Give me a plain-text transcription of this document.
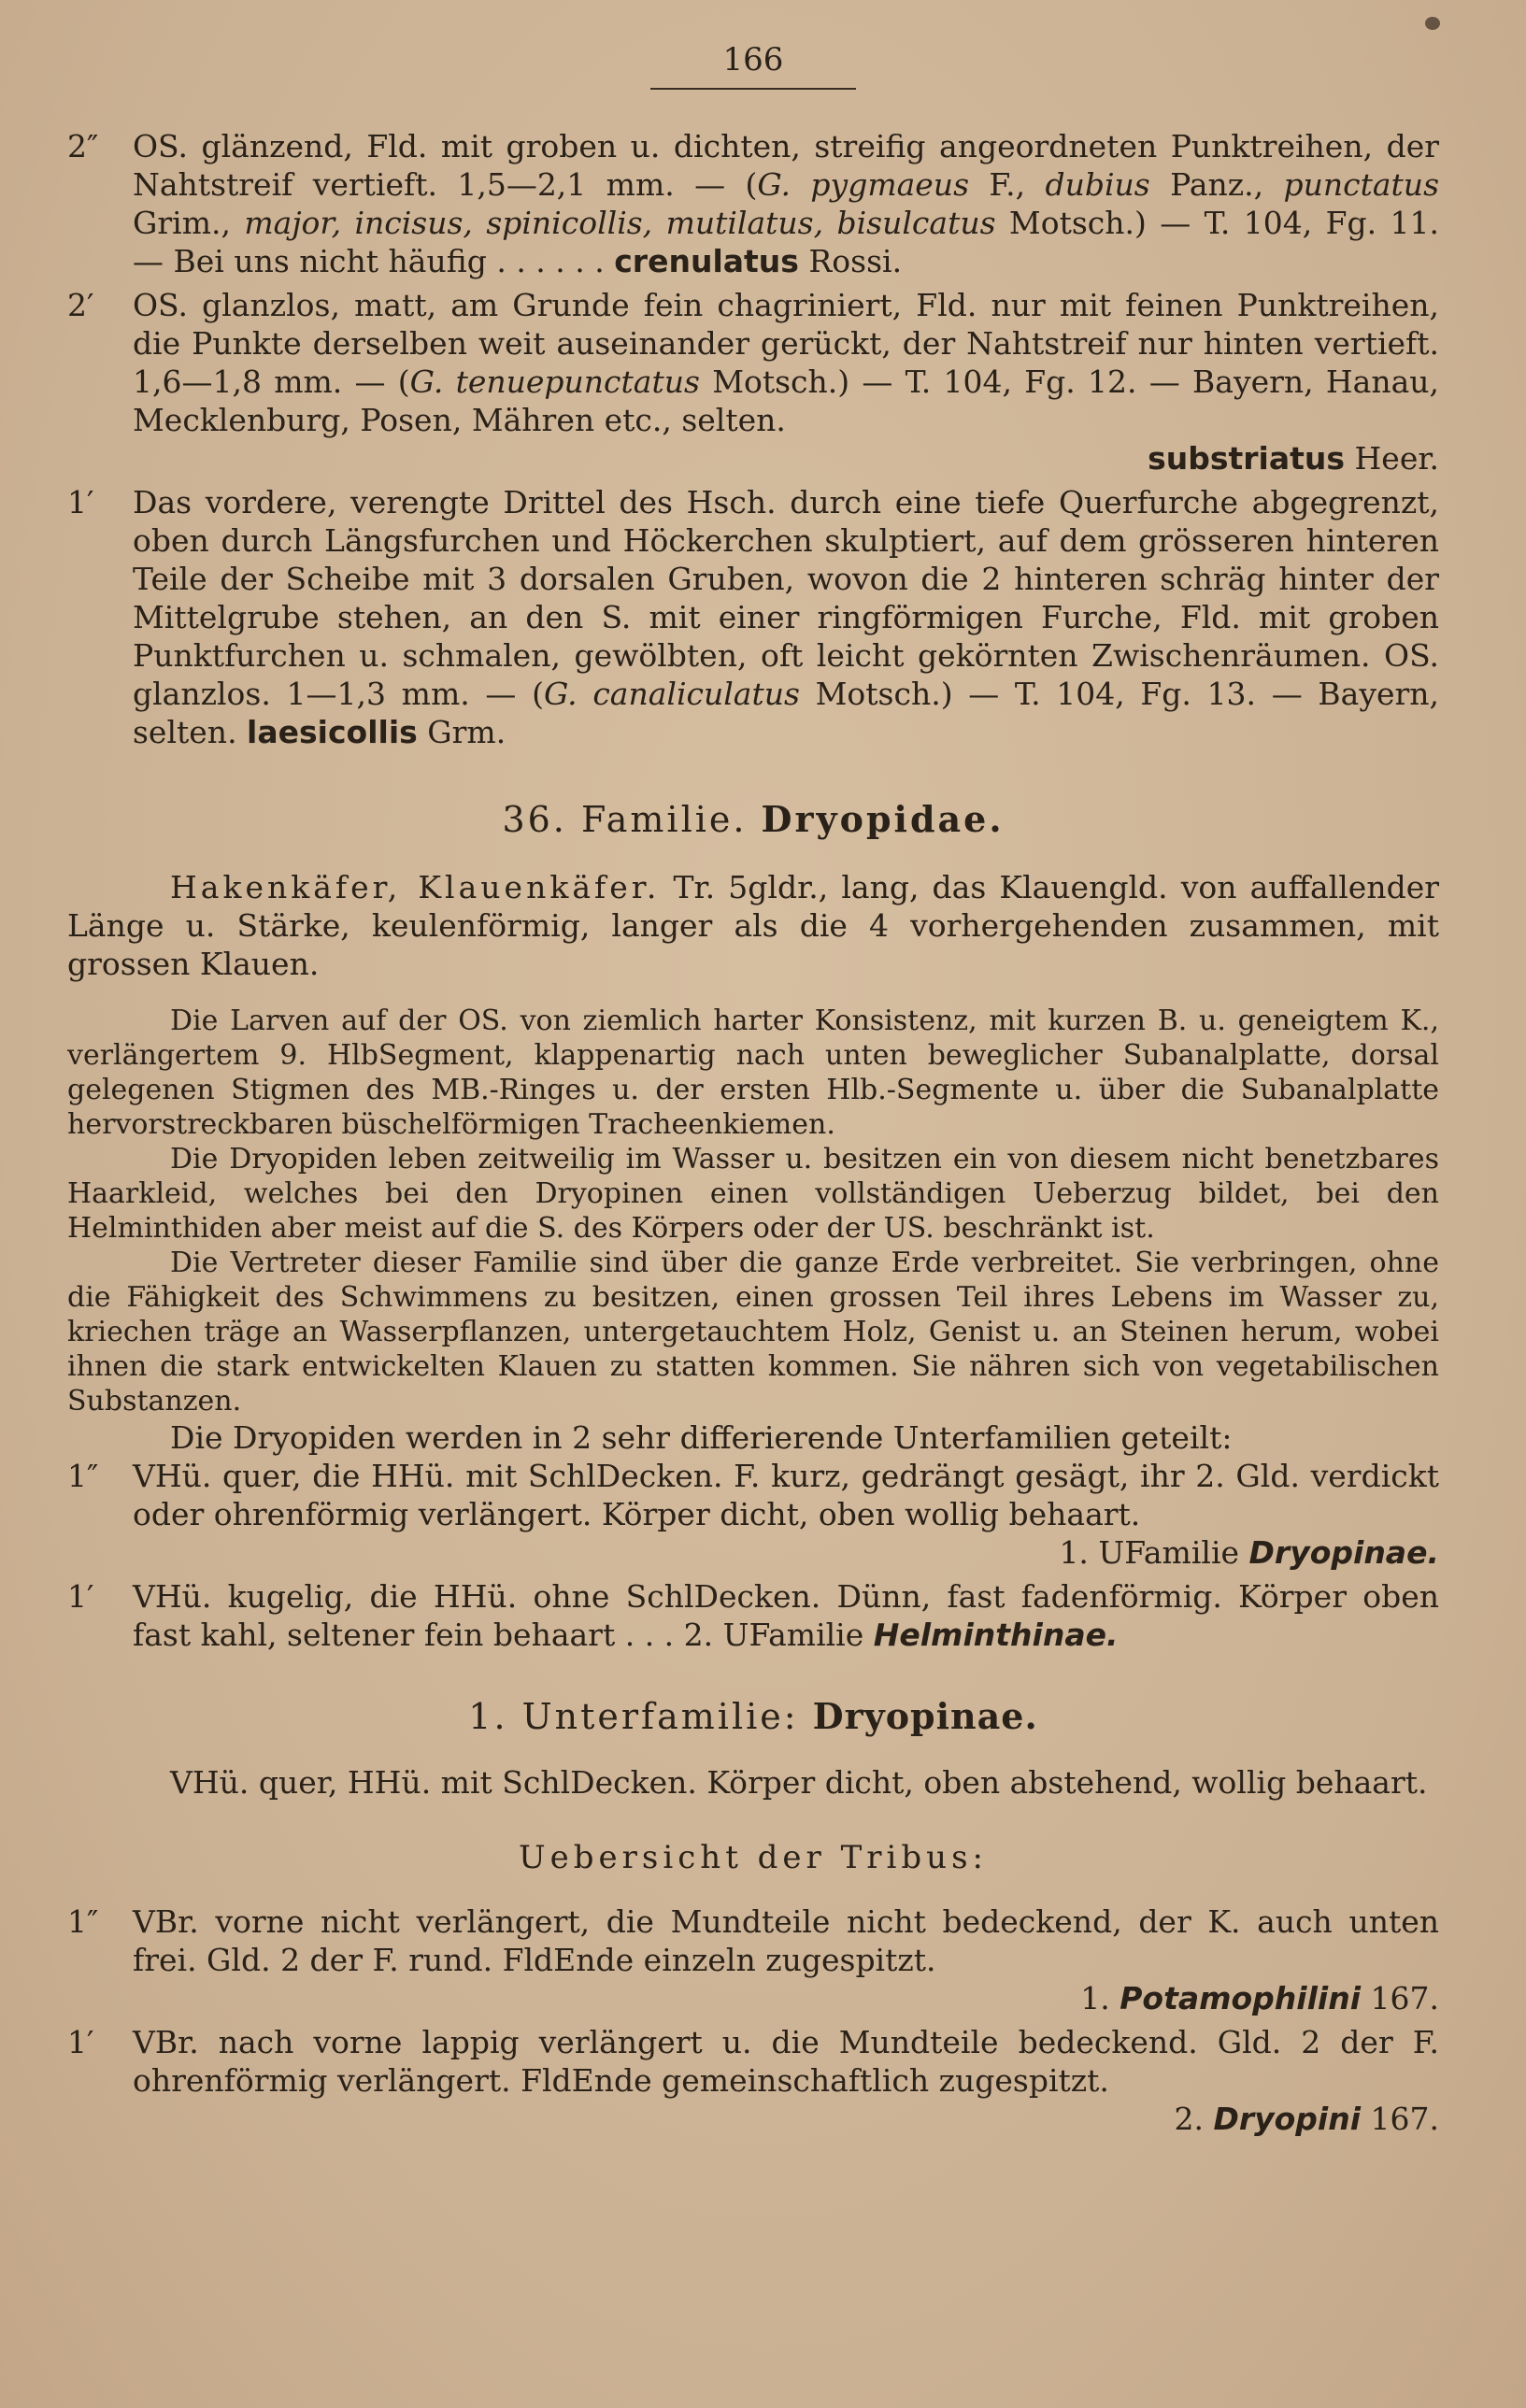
166
2″ OS. glänzend, Fld. mit groben u. dichten, streifig angeordneten Punktreihen, der Nahtstreif vertieft. 1,5—2,1 mm. — (G. pygmaeus F., dubius Panz., punctatus Grim., major, incisus, spinicollis, mutilatus, bisulcatus Motsch.) — T. 104, Fg. 11. — Bei uns nicht häufig . . . . . . crenulatus Rossi.
2′ OS. glanzlos, matt, am Grunde fein chagriniert, Fld. nur mit feinen Punktreihen, die Punkte derselben weit auseinander gerückt, der Nahtstreif nur hinten vertieft. 1,6—1,8 mm. — (G. tenuepunctatus Motsch.) — T. 104, Fg. 12. — Bayern, Hanau, Mecklenburg, Posen, Mähren etc., selten.
substriatus Heer.
1′ Das vordere, verengte Drittel des Hsch. durch eine tiefe Querfurche abgegrenzt, oben durch Längsfurchen und Höckerchen skulptiert, auf dem grösseren hinteren Teile der Scheibe mit 3 dorsalen Gruben, wovon die 2 hinteren schräg hinter der Mittelgrube stehen, an den S. mit einer ringförmigen Furche, Fld. mit groben Punktfurchen u. schmalen, gewölbten, oft leicht gekörnten Zwischenräumen. OS. glanzlos. 1—1,3 mm. — (G. canaliculatus Motsch.) — T. 104, Fg. 13. — Bayern, selten. laesicollis Grm.
36. Familie. Dryopidae.

Hakenkäfer, Klauenkäfer. Tr. 5gldr., lang, das Klauengld. von auffallender Länge u. Stärke, keulenförmig, langer als die 4 vorhergehenden zusammen, mit grossen Klauen.

Die Larven auf der OS. von ziemlich harter Konsistenz, mit kurzen B. u. geneigtem K., verlängertem 9. HlbSegment, klappenartig nach unten beweglicher Subanalplatte, dorsal gelegenen Stigmen des MB.-Ringes u. der ersten Hlb.-Segmente u. über die Subanalplatte hervorstreckbaren büschelförmigen Tracheenkiemen.

Die Dryopiden leben zeitweilig im Wasser u. besitzen ein von diesem nicht benetzbares Haarkleid, welches bei den Dryopinen einen vollständigen Ueberzug bildet, bei den Helminthiden aber meist auf die S. des Körpers oder der US. beschränkt ist.

Die Vertreter dieser Familie sind über die ganze Erde verbreitet. Sie verbringen, ohne die Fähigkeit des Schwimmens zu besitzen, einen grossen Teil ihres Lebens im Wasser zu, kriechen träge an Wasserpflanzen, untergetauchtem Holz, Genist u. an Steinen herum, wobei ihnen die stark entwickelten Klauen zu statten kommen. Sie nähren sich von vegetabilischen Substanzen.

Die Dryopiden werden in 2 sehr differierende Unterfamilien geteilt:

1″ VHü. quer, die HHü. mit SchlDecken. F. kurz, gedrängt gesägt, ihr 2. Gld. verdickt oder ohrenförmig verlängert. Körper dicht, oben wollig behaart.
1. UFamilie Dryopinae.
1′ VHü. kugelig, die HHü. ohne SchlDecken. Dünn, fast fadenförmig. Körper oben fast kahl, seltener fein behaart . . . 2. UFamilie Helminthinae.
1. Unterfamilie: Dryopinae.

VHü. quer, HHü. mit SchlDecken. Körper dicht, oben abstehend, wollig behaart.

Uebersicht der Tribus:
1″ VBr. vorne nicht verlängert, die Mundteile nicht bedeckend, der K. auch unten frei. Gld. 2 der F. rund. FldEnde einzeln zugespitzt.
1. Potamophilini 167.
1′ VBr. nach vorne lappig verlängert u. die Mundteile bedeckend. Gld. 2 der F. ohrenförmig verlängert. FldEnde gemeinschaftlich zugespitzt.
2. Dryopini 167.
